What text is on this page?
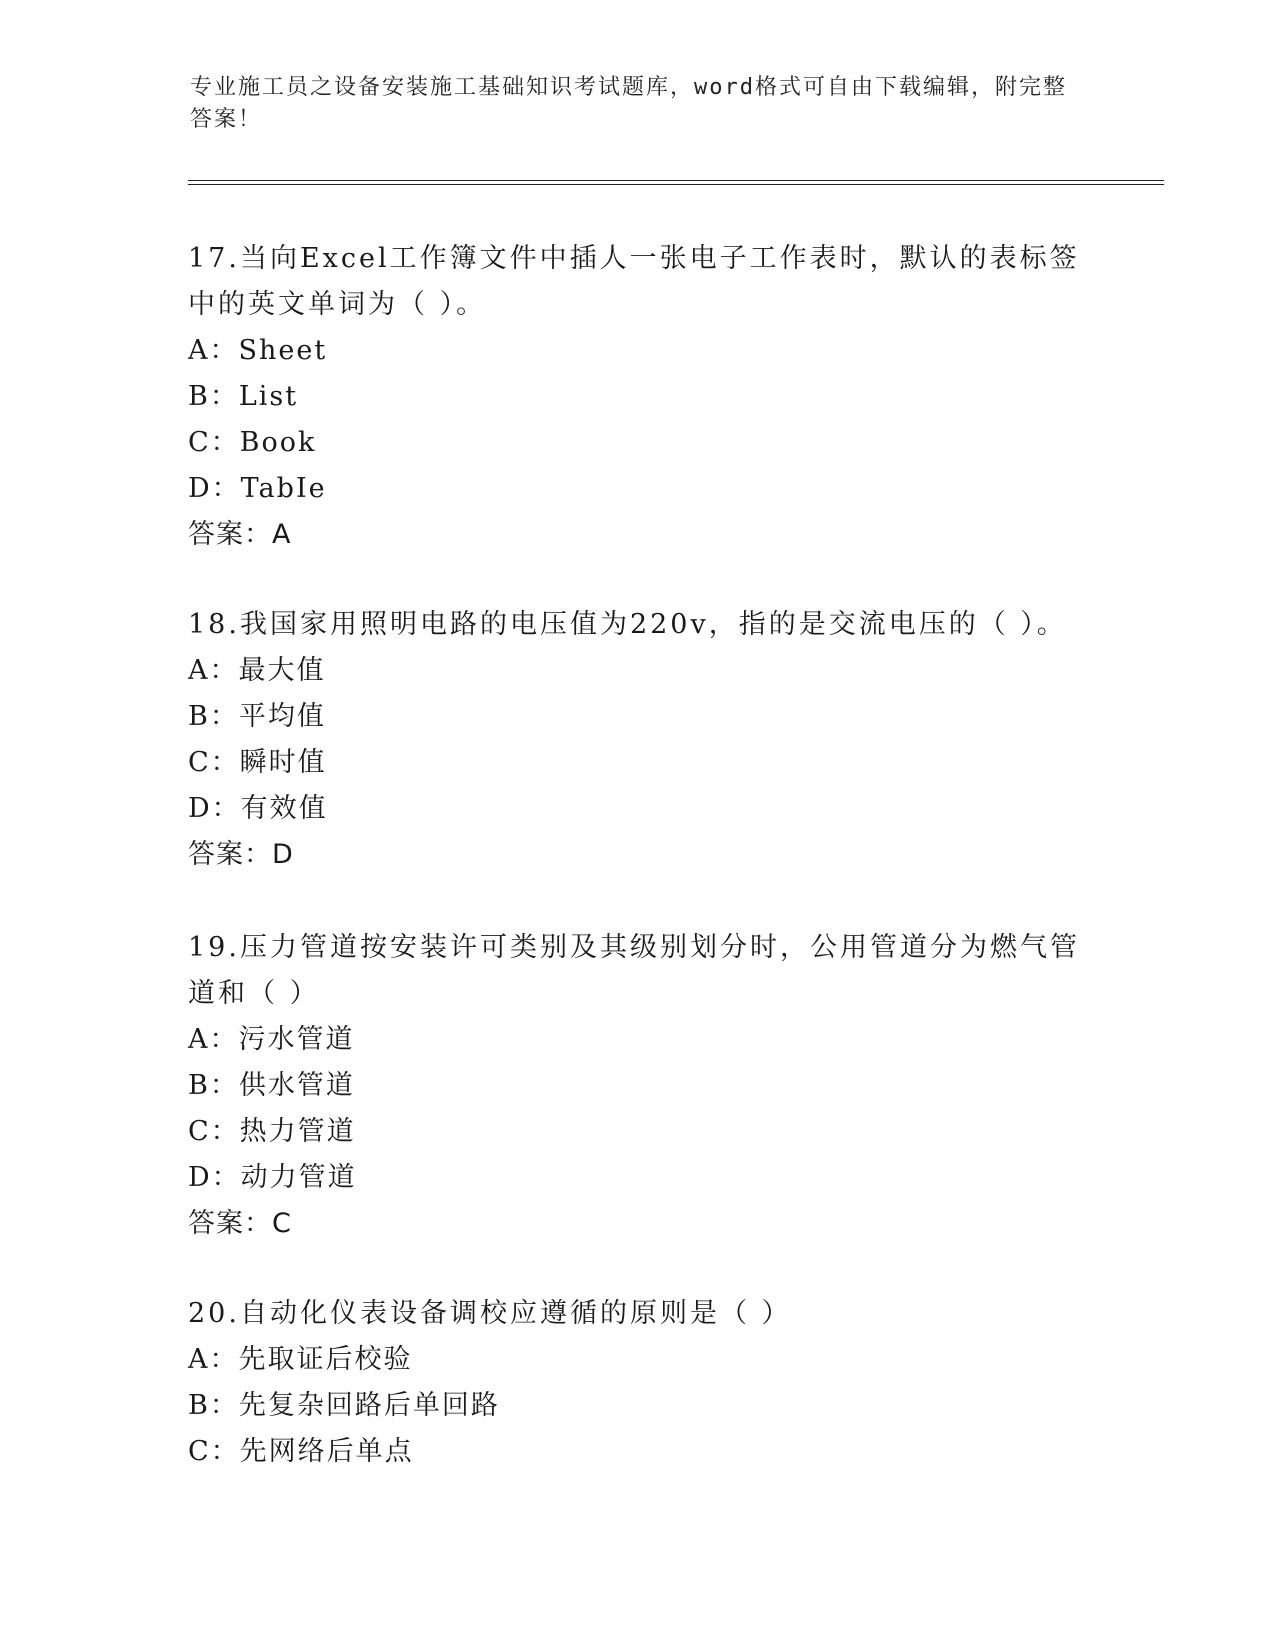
专业施工员之设备安装施工基础知识考试题库，word格式可自由下载编辑，附完整答案！

17.当向Excel工作簿文件中插人一张电子工作表时，默认的表标签中的英文单词为（ ）。

A：Sheet

B：List

C：Book

D：TabIe

答案：A

18.我国家用照明电路的电压值为220v，指的是交流电压的（ ）。

A：最大值

B：平均值

C：瞬时值

D：有效值

答案：D

19.压力管道按安装许可类别及其级别划分时，公用管道分为燃气管道和（ ）

A：污水管道

B：供水管道

C：热力管道

D：动力管道

答案：C

20.自动化仪表设备调校应遵循的原则是（ ）

A：先取证后校验

B：先复杂回路后单回路

C：先网络后单点
